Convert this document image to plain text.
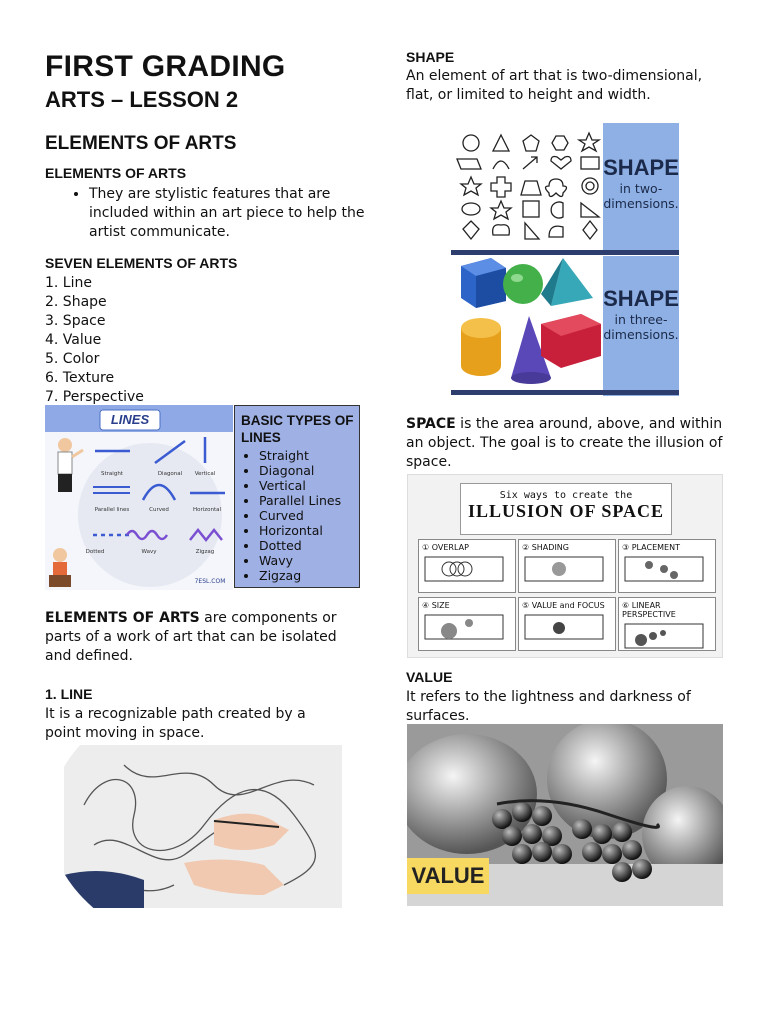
FIRST GRADING
ARTS – LESSON 2
ELEMENTS OF ARTS
ELEMENTS OF ARTS
• They are stylistic features that are included within an art piece to help the artist communicate.
SEVEN ELEMENTS OF ARTS
1. Line
2. Shape
3. Space
4. Value
5. Color
6. Texture
7. Perspective
LINES
Straight	Diagonal Vertical
Parallel lines	Curved	Horizontal
Dotted	Wavy	Zigzag
7ESL.COM
BASIC TYPES OF LINES
• Straight
• Diagonal
• Vertical
• Parallel Lines
• Curved
• Horizontal
• Dotted
• Wavy
• Zigzag
ELEMENTS OF ARTS are components or parts of a work of art that can be isolated and defined.
1. LINE
It is a recognizable path created by a point moving in space.
SHAPE
An element of art that is two-dimensional, flat, or limited to height and width.
SHAPE
in two-dimensions.
SHAPE
in three-dimensions.
SPACE is the area around, above, and within an object. The goal is to create the illusion of space.
Six ways to create the
ILLUSION OF SPACE
① OVERLAP	② SHADING	③ PLACEMENT
④ SIZE	⑤ VALUE and FOCUS	⑥ LINEAR PERSPECTIVE
VALUE
It refers to the lightness and darkness of surfaces.
VALUE
